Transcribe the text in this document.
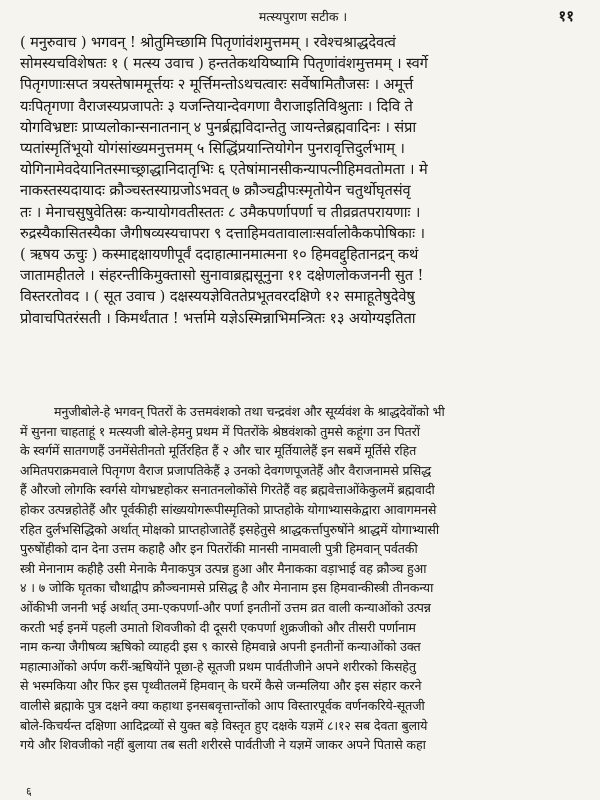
मत्स्यपुराण सटीक ।	११
( मनुरुवाच ) भगवन् ! श्रोतुमिच्छामि पितृणांवंशमुत्तमम् । रवेश्चश्राद्धदेवत्वं
सोमस्यचविशेषतः १ ( मत्स्य उवाच ) हन्ततेकथयिष्यामि पितृणांवंशमुत्तमम् । स्वर्गे
पितृगणाःसप्त त्रयस्तेषाममूर्त्तयः २ मूर्त्तिमन्तोऽथचत्वारः सर्वेषामितौजसः । अमूर्त्त
यःपितृगणा वैराजस्यप्रजापतेः ३ यजन्तियान्देवगणा वैराजाइतिविश्रुताः । दिवि ते
योगविभ्रष्टाः प्राप्यलोकान्सनातनान् ४ पुनर्ब्रह्मविदान्तेतु जायन्तेब्रह्मवादिनः । संप्रा
प्यतांस्मृतिंभूयो योगंसांख्यमनुत्तमम् ५ सिद्धिंप्रयान्तियोगेन पुनरावृत्तिदुर्लभाम् ।
योगिनामेवदेयानितस्माच्छ्राद्धानिदातृभिः ६ एतेषांमानसीकन्यापत्नीहिमवतोमता । मे
नाकस्तस्यदायादः क्रौञ्चस्तस्याग्रजोऽभवत् ७ क्रौञ्चद्वीपःस्मृतोयेन चतुर्थोघृतसंवृ
तः । मेनाचसुषुवेतिस्रः कन्यायोगवतीस्ततः ८ उमैकपर्णापर्णा च तीव्रव्रतपरायणाः ।
रुद्रस्यैकासितस्यैका जैगीषव्यस्यचापरा ९ दत्ताहिमवतावालाःसर्वालोकैकपोषिकाः ।
( ऋषय ऊचुः ) कस्माद्दक्षायणीपूर्वं ददाहात्मानमात्मना १० हिमवद्दुहितानद्रन् कथं
जातामहीतले । संहरन्तीकिमुक्तासो सुनावाब्रह्मसूनुना ११ दक्षेणलोकजननी सुत !
विस्तरतोवद । ( सूत उवाच ) दक्षस्ययज्ञेविततेप्रभूतवरदक्षिणे १२ समाहूतेषुदेवेषु
प्रोवाचपितरंसती । किमर्थंतात ! भर्त्तामे यज्ञेऽस्मिन्नाभिमन्त्रितः १३ अयोग्यइतिता
मनुजीबोले-हे भगवन् पितरों के उत्तमवंशको तथा चन्द्रवंश और सूर्य्यवंश के श्राद्धदेवोंको भी
में सुनना चाहताहूं १ मत्स्यजी बोले-हेमनु प्रथम में पितरोंके श्रेष्ठवंशको तुमसे कहूंगा उन पितरों
के स्वर्गमें सातगणहैं उनमेंसेतीनतो मूर्तिरहित हैं २ और चार मूर्तियालेहैं इन सबमें मूर्तिसे रहित
अमितपराक्रमवाले पितृगण वैराज प्रजापतिकेहैं ३ उनको देवगणपूजतेहैं और वैराजनामसे प्रसिद्ध
हैं औरजो लोगकि स्वर्गसे योगभ्रष्टहोकर सनातनलोकोंसे गिरतेहैं वह ब्रह्मवेत्ताओंकेकुलमें ब्रह्मवादी
होकर उत्पन्नहोतेहैं और पूर्वकीही सांख्ययोगरूपीस्मृतिको प्राप्तहोके योगाभ्यासकेद्वारा आवागमनसे
रहित दुर्लभसिद्धिको अर्थात् मोक्षको प्राप्तहोजातेहैं इसहेतुसे श्राद्धकर्त्तापुरुषोंने श्राद्धमें योगाभ्यासी
पुरुषोंहीको दान देना उत्तम कहाहै और इन पितरोंकी मानसी नामवाली पुत्री हिमवान् पर्वतकी
स्त्री मेनानाम कहीहै उसी मेनाके मैनाकपुत्र उत्पन्न हुआ और मैनाकका वड़ाभाई वह क्रौञ्च हुआ
४ । ७ जोकि घृतका चौथाद्वीप क्रौञ्चनामसे प्रसिद्ध है और मेनानाम इस हिमवान्कीस्त्री तीनकन्या
ओंकीभी जननी भई अर्थात् उमा-एकपर्णा-और पर्णा इनतीनों उत्तम व्रत वाली कन्याओंको उत्पन्न
करती भई इनमें पहली उमातो शिवजीको दी दूसरी एकपर्णा शुक्रजीको और तीसरी पर्णानाम
नाम कन्या जैगीषव्य ऋषिको व्याहदी इस ९ कारसे हिमवान्ने अपनी इनतीनों कन्याओंको उक्त
महात्माओंको अर्पण करीं-ऋषियोंने पूछा-हे सूतजी प्रथम पार्वतीजीने अपने शरीरको किसहेतु
से भस्मकिया और फिर इस पृथ्वीतलमें हिमवान् के घरमें कैसे जन्मलिया और इस संहार करने
वालीसे ब्रह्माके पुत्र दक्षने क्या कहाथा इनसबवृत्तान्तोंको आप विस्तारपूर्वक वर्णनकरिये-सूतजी
बोले-किचर्यन्त दक्षिणा आदिद्रव्यों से युक्त बड़े विस्तृत हुए दक्षके यज्ञमें ८।१२ सब देवता बुलाये
गये और शिवजीको नहीं बुलाया तब सती शरीरसे पार्वतीजी ने यज्ञमें जाकर अपने पितासे कहा
६
